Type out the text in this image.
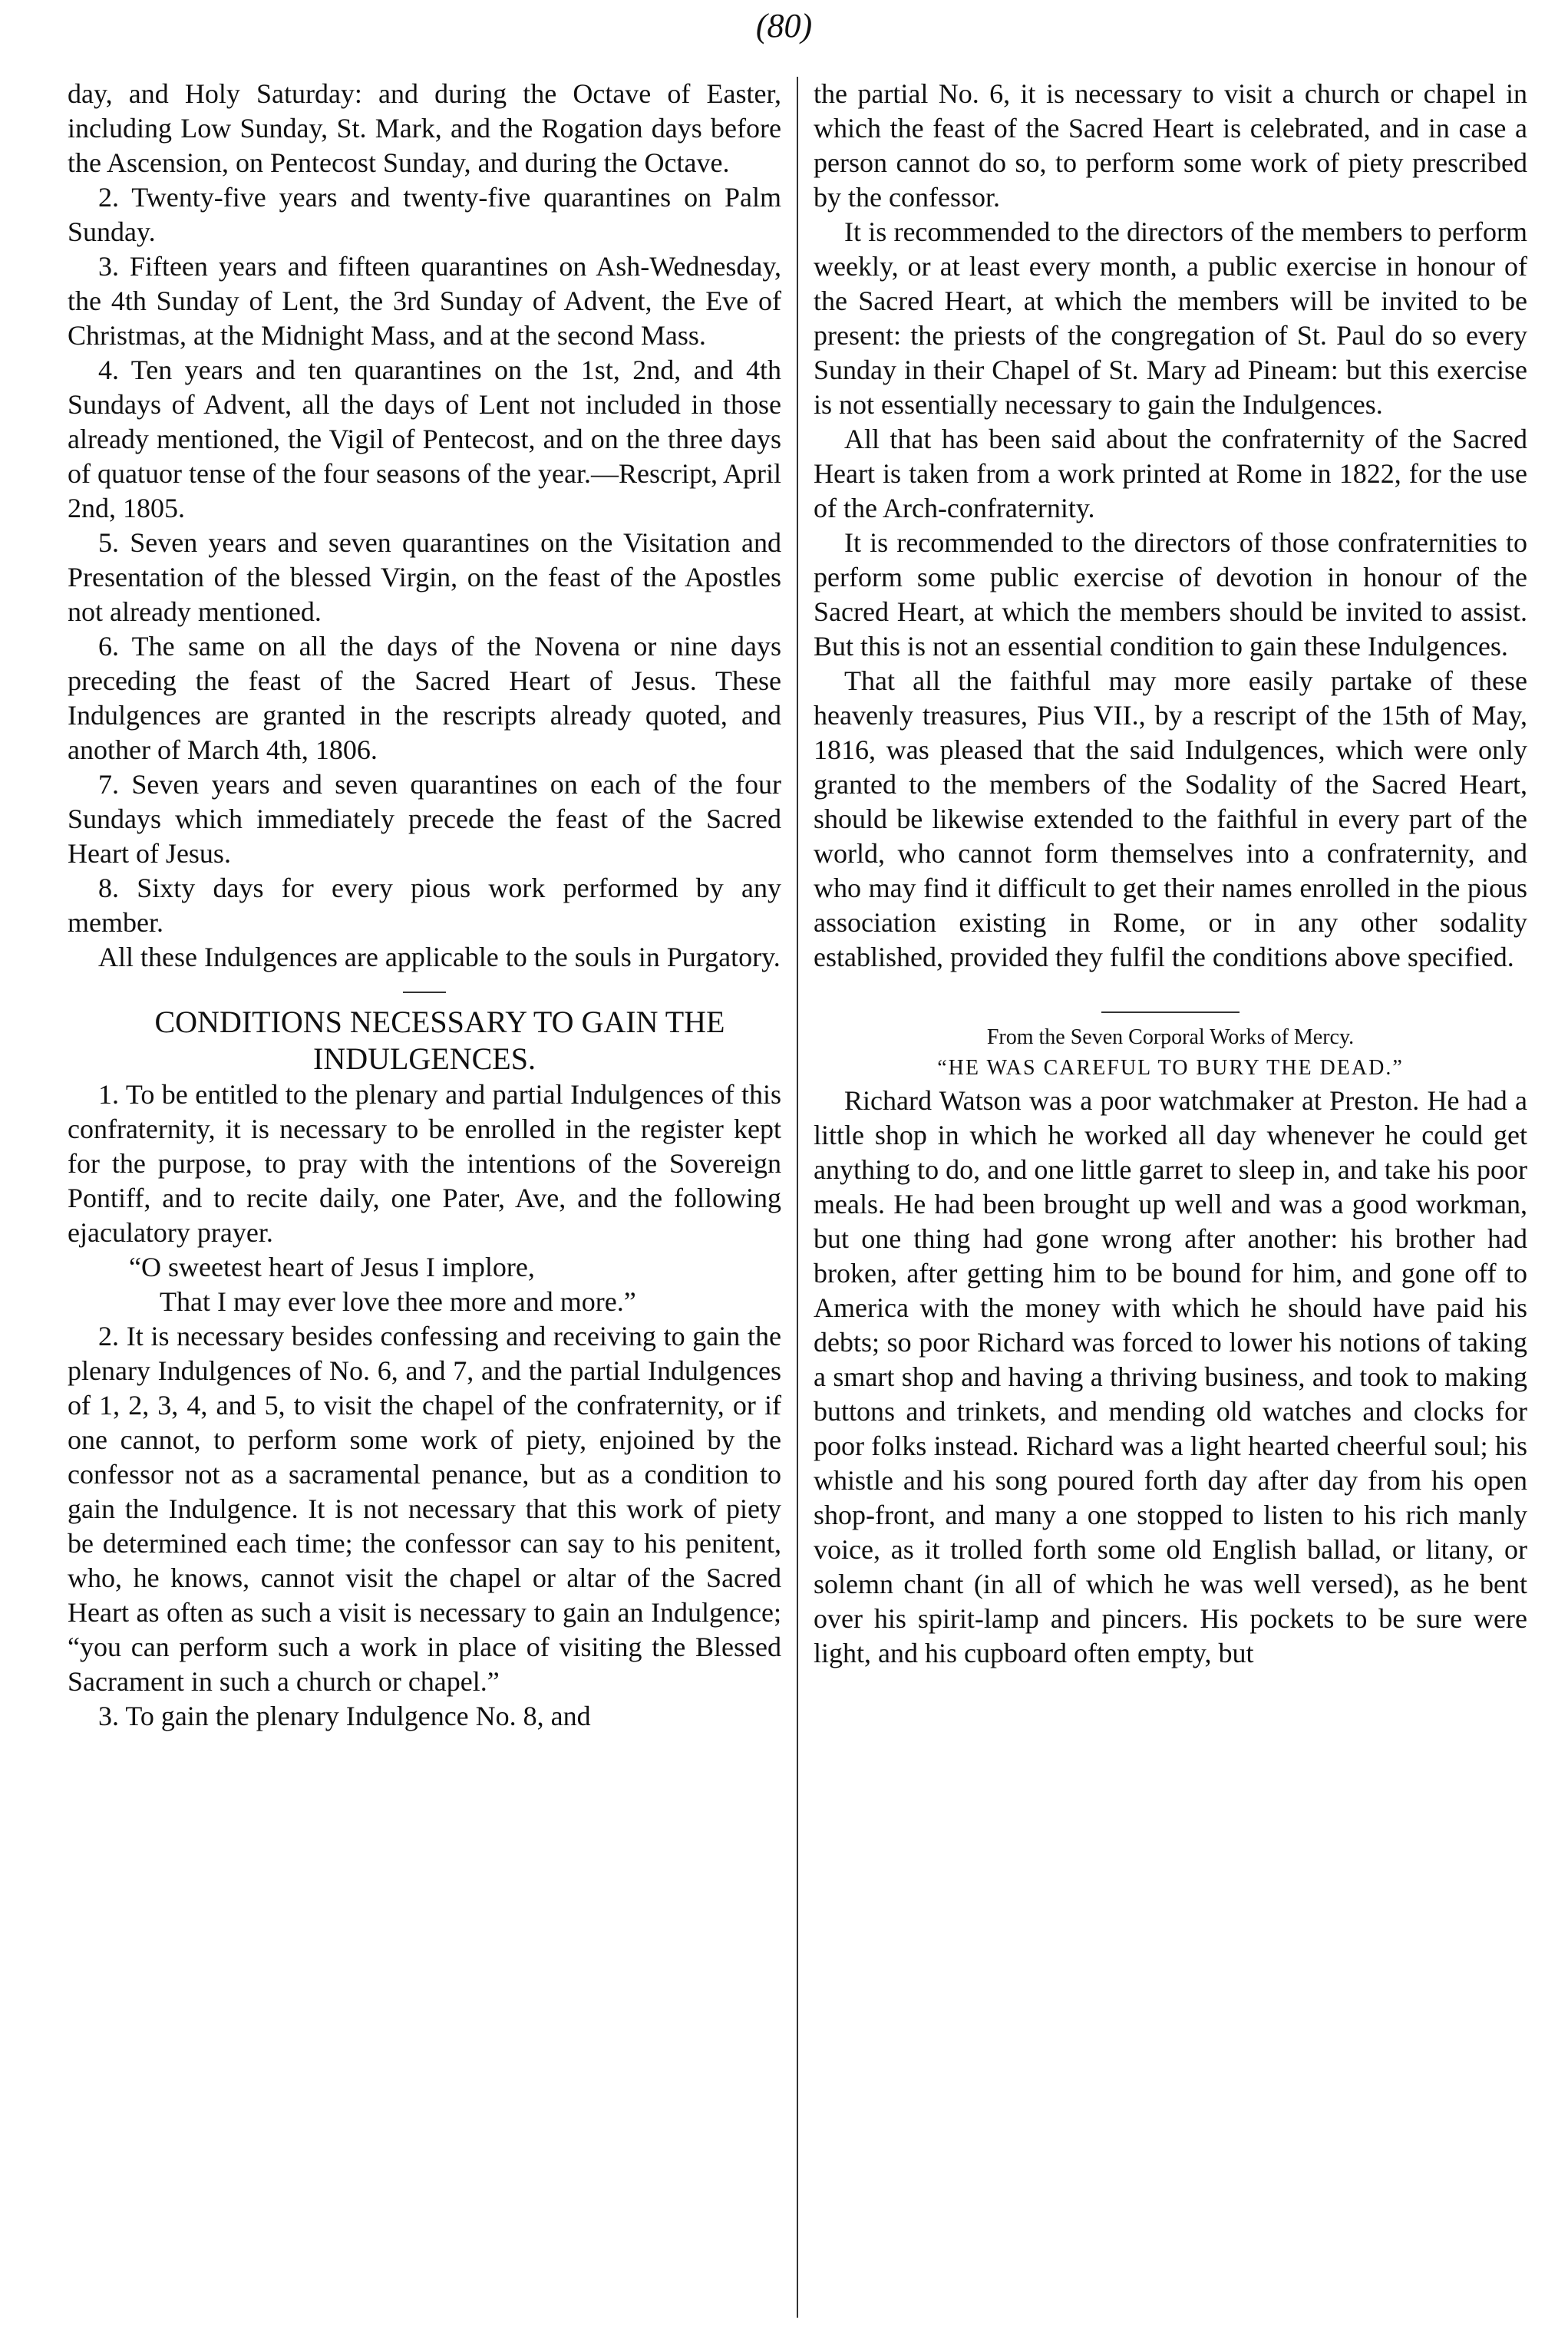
(80)

day, and Holy Saturday: and during the Octave of Easter, including Low Sunday, St. Mark, and the Rogation days before the Ascension, on Pentecost Sunday, and during the Octave.

2. Twenty-five years and twenty-five quarantines on Palm Sunday.

3. Fifteen years and fifteen quarantines on Ash-Wednesday, the 4th Sunday of Lent, the 3rd Sunday of Advent, the Eve of Christmas, at the Midnight Mass, and at the second Mass.

4. Ten years and ten quarantines on the 1st, 2nd, and 4th Sundays of Advent, all the days of Lent not included in those already mentioned, the Vigil of Pentecost, and on the three days of quatuor tense of the four seasons of the year.—Rescript, April 2nd, 1805.

5. Seven years and seven quarantines on the Visitation and Presentation of the blessed Virgin, on the feast of the Apostles not already mentioned.

6. The same on all the days of the Novena or nine days preceding the feast of the Sacred Heart of Jesus. These Indulgences are granted in the rescripts already quoted, and another of March 4th, 1806.

7. Seven years and seven quarantines on each of the four Sundays which immediately precede the feast of the Sacred Heart of Jesus.

8. Sixty days for every pious work performed by any member.

All these Indulgences are applicable to the souls in Purgatory.

CONDITIONS NECESSARY TO GAIN THE INDULGENCES.

1. To be entitled to the plenary and partial Indulgences of this confraternity, it is necessary to be enrolled in the register kept for the purpose, to pray with the intentions of the Sovereign Pontiff, and to recite daily, one Pater, Ave, and the following ejaculatory prayer.

“O sweetest heart of Jesus I implore,
That I may ever love thee more and more.”

2. It is necessary besides confessing and receiving to gain the plenary Indulgences of No. 6, and 7, and the partial Indulgences of 1, 2, 3, 4, and 5, to visit the chapel of the confraternity, or if one cannot, to perform some work of piety, enjoined by the confessor not as a sacramental penance, but as a condition to gain the Indulgence. It is not necessary that this work of piety be determined each time; the confessor can say to his penitent, who, he knows, cannot visit the chapel or altar of the Sacred Heart as often as such a visit is necessary to gain an Indulgence; “you can perform such a work in place of visiting the Blessed Sacrament in such a church or chapel.”

3. To gain the plenary Indulgence No. 8, and

the partial No. 6, it is necessary to visit a church or chapel in which the feast of the Sacred Heart is celebrated, and in case a person cannot do so, to perform some work of piety prescribed by the confessor.

It is recommended to the directors of the members to perform weekly, or at least every month, a public exercise in honour of the Sacred Heart, at which the members will be invited to be present: the priests of the congregation of St. Paul do so every Sunday in their Chapel of St. Mary ad Pineam: but this exercise is not essentially necessary to gain the Indulgences.

All that has been said about the confraternity of the Sacred Heart is taken from a work printed at Rome in 1822, for the use of the Arch-confraternity.

It is recommended to the directors of those confraternities to perform some public exercise of devotion in honour of the Sacred Heart, at which the members should be invited to assist. But this is not an essential condition to gain these Indulgences.

That all the faithful may more easily partake of these heavenly treasures, Pius VII., by a rescript of the 15th of May, 1816, was pleased that the said Indulgences, which were only granted to the members of the Sodality of the Sacred Heart, should be likewise extended to the faithful in every part of the world, who cannot form themselves into a confraternity, and who may find it difficult to get their names enrolled in the pious association existing in Rome, or in any other sodality established, provided they fulfil the conditions above specified.

From the Seven Corporal Works of Mercy.
“HE WAS CAREFUL TO BURY THE DEAD.”

Richard Watson was a poor watchmaker at Preston. He had a little shop in which he worked all day whenever he could get anything to do, and one little garret to sleep in, and take his poor meals. He had been brought up well and was a good workman, but one thing had gone wrong after another: his brother had broken, after getting him to be bound for him, and gone off to America with the money with which he should have paid his debts; so poor Richard was forced to lower his notions of taking a smart shop and having a thriving business, and took to making buttons and trinkets, and mending old watches and clocks for poor folks instead. Richard was a light hearted cheerful soul; his whistle and his song poured forth day after day from his open shop-front, and many a one stopped to listen to his rich manly voice, as it trolled forth some old English ballad, or litany, or solemn chant (in all of which he was well versed), as he bent over his spirit-lamp and pincers. His pockets to be sure were light, and his cupboard often empty, but
